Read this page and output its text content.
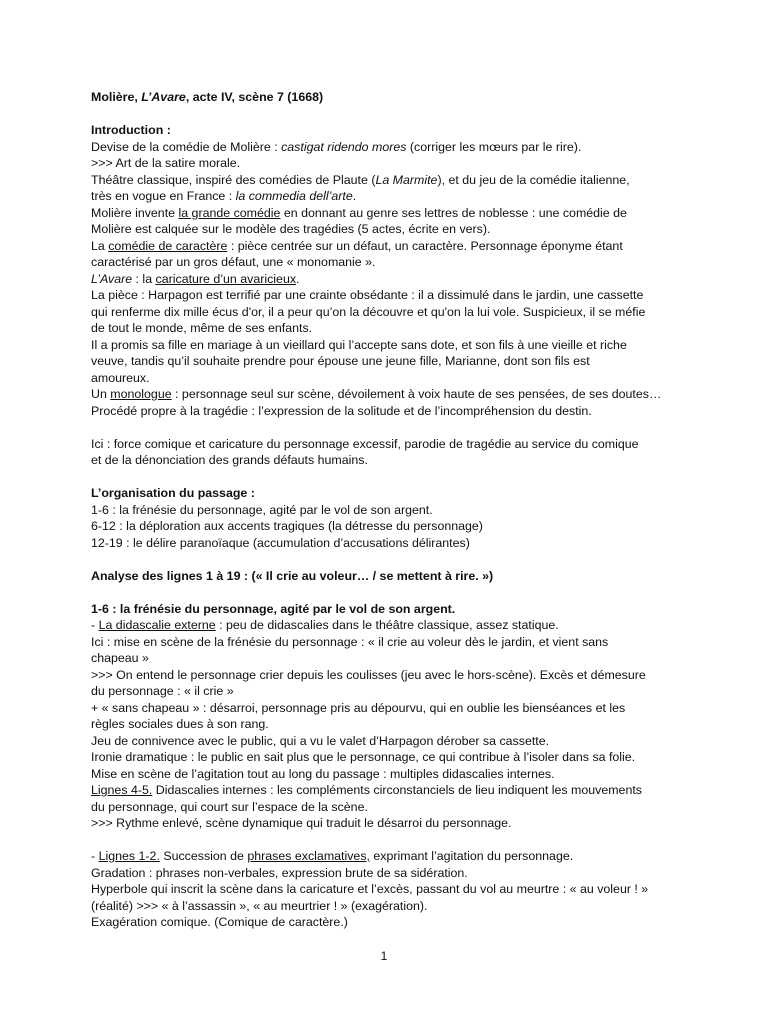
Molière, L’Avare, acte IV, scène 7 (1668)

Introduction :

Devise de la comédie de Molière : castigat ridendo mores (corriger les mœurs par le rire).

>>> Art de la satire morale.

Théâtre classique, inspiré des comédies de Plaute (La Marmite), et du jeu de la comédie italienne,

très en vogue en France : la commedia dell’arte.

Molière invente la grande comédie en donnant au genre ses lettres de noblesse : une comédie de

Molière est calquée sur le modèle des tragédies (5 actes, écrite en vers).

La comédie de caractère : pièce centrée sur un défaut, un caractère. Personnage éponyme étant

caractérisé par un gros défaut, une « monomanie ».

L’Avare : la caricature d’un avaricieux.

La pièce : Harpagon est terrifié par une crainte obsédante : il a dissimulé dans le jardin, une cassette

qui renferme dix mille écus d'or, il a peur qu’on la découvre et qu'on la lui vole. Suspicieux, il se méfie

de tout le monde, même de ses enfants.

Il a promis sa fille en mariage à un vieillard qui l’accepte sans dote, et son fils à une vieille et riche

veuve, tandis qu’il souhaite prendre pour épouse une jeune fille, Marianne, dont son fils est

amoureux.

Un monologue : personnage seul sur scène, dévoilement à voix haute de ses pensées, de ses doutes…

Procédé propre à la tragédie : l’expression de la solitude et de l’incompréhension du destin.

Ici : force comique et caricature du personnage excessif, parodie de tragédie au service du comique

et de la dénonciation des grands défauts humains.

L’organisation du passage :

1-6 : la frénésie du personnage, agité par le vol de son argent.

6-12 : la déploration aux accents tragiques (la détresse du personnage)

12-19 : le délire paranoïaque (accumulation d’accusations délirantes)

Analyse des lignes 1 à 19 : (« Il crie au voleur… / se mettent à rire. »)

1-6 : la frénésie du personnage, agité par le vol de son argent.

- La didascalie externe : peu de didascalies dans le théâtre classique, assez statique.

Ici : mise en scène de la frénésie du personnage : « il crie au voleur dès le jardin, et vient sans

chapeau »

>>> On entend le personnage crier depuis les coulisses (jeu avec le hors-scène). Excès et démesure

du personnage : « il crie »

+ « sans chapeau » : désarroi, personnage pris au dépourvu, qui en oublie les bienséances et les

règles sociales dues à son rang.

Jeu de connivence avec le public, qui a vu le valet d’Harpagon dérober sa cassette.

Ironie dramatique : le public en sait plus que le personnage, ce qui contribue à l’isoler dans sa folie.

Mise en scène de l’agitation tout au long du passage : multiples didascalies internes.

Lignes 4-5. Didascalies internes : les compléments circonstanciels de lieu indiquent les mouvements

du personnage, qui court sur l’espace de la scène.

>>> Rythme enlevé, scène dynamique qui traduit le désarroi du personnage.

- Lignes 1-2. Succession de phrases exclamatives, exprimant l’agitation du personnage.

Gradation : phrases non-verbales, expression brute de sa sidération.

Hyperbole qui inscrit la scène dans la caricature et l’excès, passant du vol au meurtre : « au voleur ! »

(réalité) >>> « à l’assassin », « au meurtrier ! » (exagération).

Exagération comique. (Comique de caractère.)

1
